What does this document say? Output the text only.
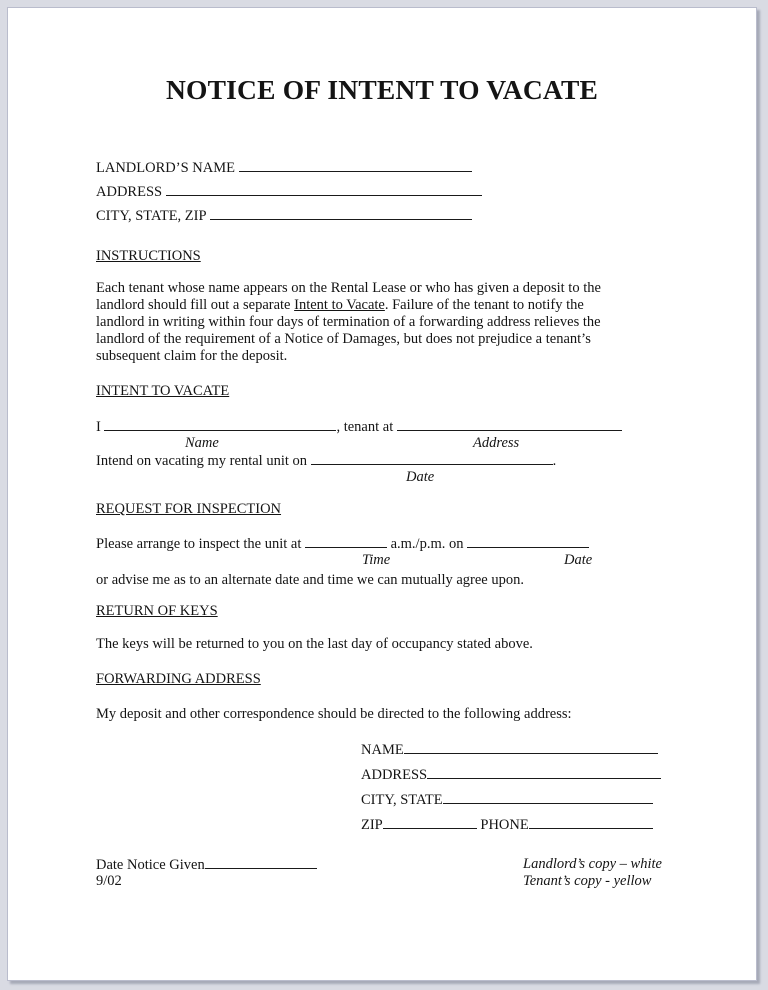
NOTICE OF INTENT TO VACATE
LANDLORD’S NAME
ADDRESS
CITY, STATE, ZIP
INSTRUCTIONS
Each tenant whose name appears on the Rental Lease or who has given a deposit to the
landlord should fill out a separate Intent to Vacate. Failure of the tenant to notify the
landlord in writing within four days of termination of a forwarding address relieves the
landlord of the requirement of a Notice of Damages, but does not prejudice a tenant’s
subsequent claim for the deposit.
INTENT TO VACATE
I	, tenant at
Name	Address
Intend on vacating my rental unit on	.
Date
REQUEST FOR INSPECTION
Please arrange to inspect the unit at	a.m./p.m. on
Time	Date
or advise me as to an alternate date and time we can mutually agree upon.
RETURN OF KEYS
The keys will be returned to you on the last day of occupancy stated above.
FORWARDING ADDRESS
My deposit and other correspondence should be directed to the following address:
NAME
ADDRESS
CITY, STATE
ZIP	PHONE
Date Notice Given
9/02
Landlord’s copy – white
Tenant’s copy - yellow
